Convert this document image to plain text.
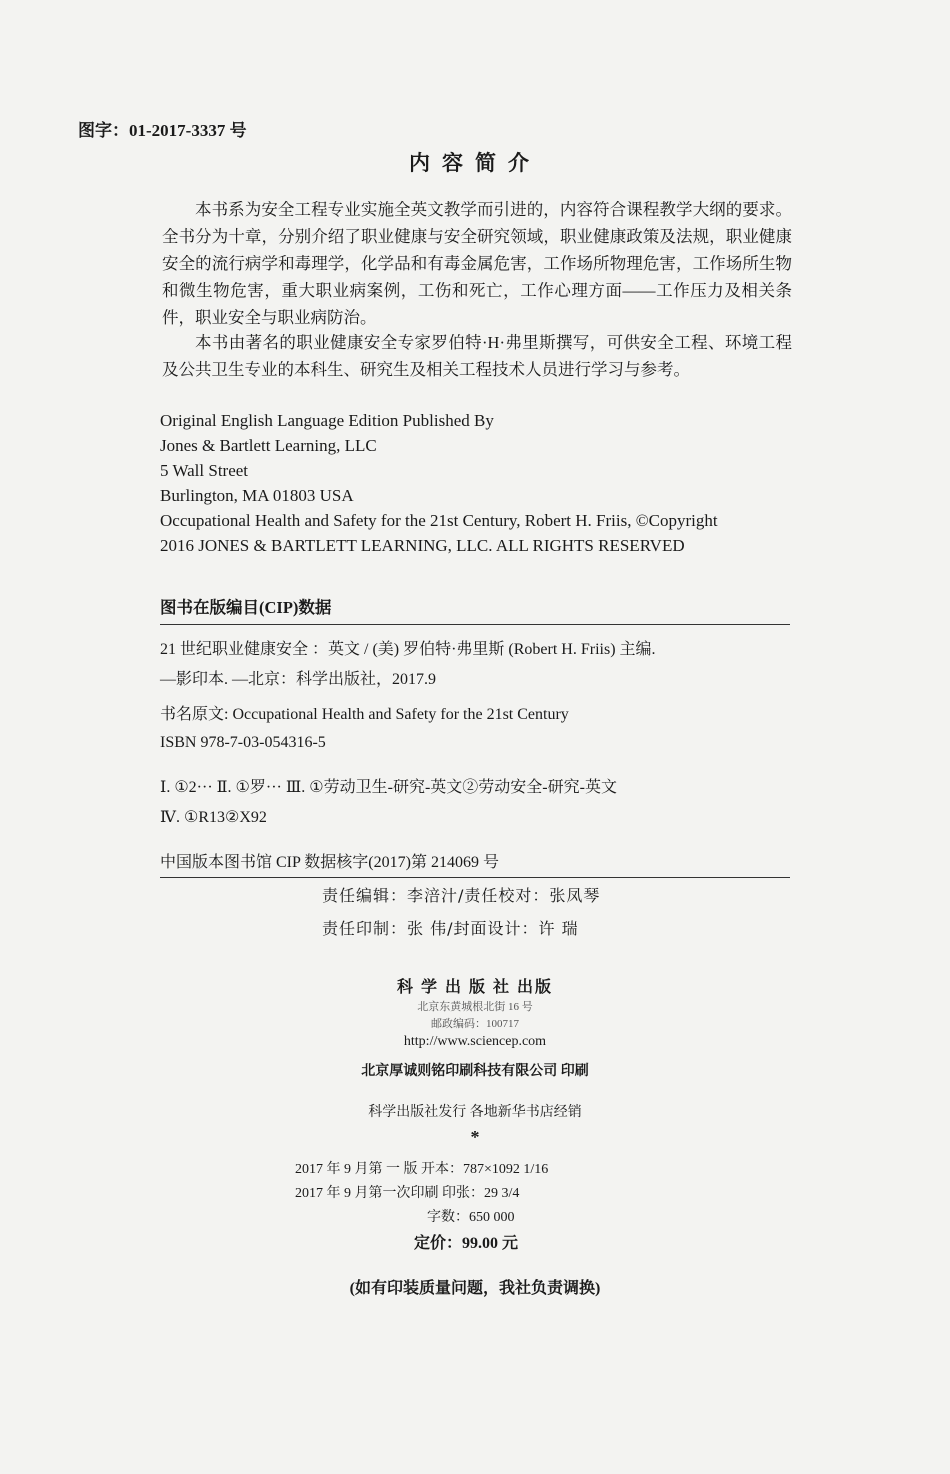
图字：01-2017-3337 号
内容简介
本书系为安全工程专业实施全英文教学而引进的，内容符合课程教学大纲的要求。全书分为十章，分别介绍了职业健康与安全研究领域，职业健康政策及法规，职业健康安全的流行病学和毒理学，化学品和有毒金属危害，工作场所物理危害，工作场所生物和微生物危害，重大职业病案例，工伤和死亡，工作心理方面——工作压力及相关条件，职业安全与职业病防治。
本书由著名的职业健康安全专家罗伯特·H·弗里斯撰写，可供安全工程、环境工程及公共卫生专业的本科生、研究生及相关工程技术人员进行学习与参考。
Original English Language Edition Published By
Jones & Bartlett Learning, LLC
5 Wall Street
Burlington, MA 01803 USA
Occupational Health and Safety for the 21st Century, Robert H. Friis, ©Copyright
2016 JONES & BARTLETT LEARNING, LLC. ALL RIGHTS RESERVED
图书在版编目(CIP)数据
21 世纪职业健康安全 ：英文 / (美) 罗伯特·弗里斯 (Robert H. Friis) 主编.
—影印本. —北京：科学出版社，2017.9
书名原文: Occupational Health and Safety for the 21st Century
ISBN 978-7-03-054316-5
Ⅰ. ①2··· Ⅱ. ①罗··· Ⅲ. ①劳动卫生-研究-英文②劳动安全-研究-英文
Ⅳ. ①R13②X92
中国版本图书馆 CIP 数据核字(2017)第 214069 号
责任编辑：李涪汁/责任校对：张凤琴
责任印制：张 伟/封面设计：许 瑞
科 学 出 版 社 出版
北京东黄城根北街 16 号
邮政编码：100717
http://www.sciencep.com
北京厚诚则铭印刷科技有限公司 印刷
科学出版社发行 各地新华书店经销
*
2017 年 9 月第 一 版 开本：787×1092 1/16
2017 年 9 月第一次印刷 印张：29 3/4
字数：650 000
定价：99.00 元
(如有印装质量问题，我社负责调换)
